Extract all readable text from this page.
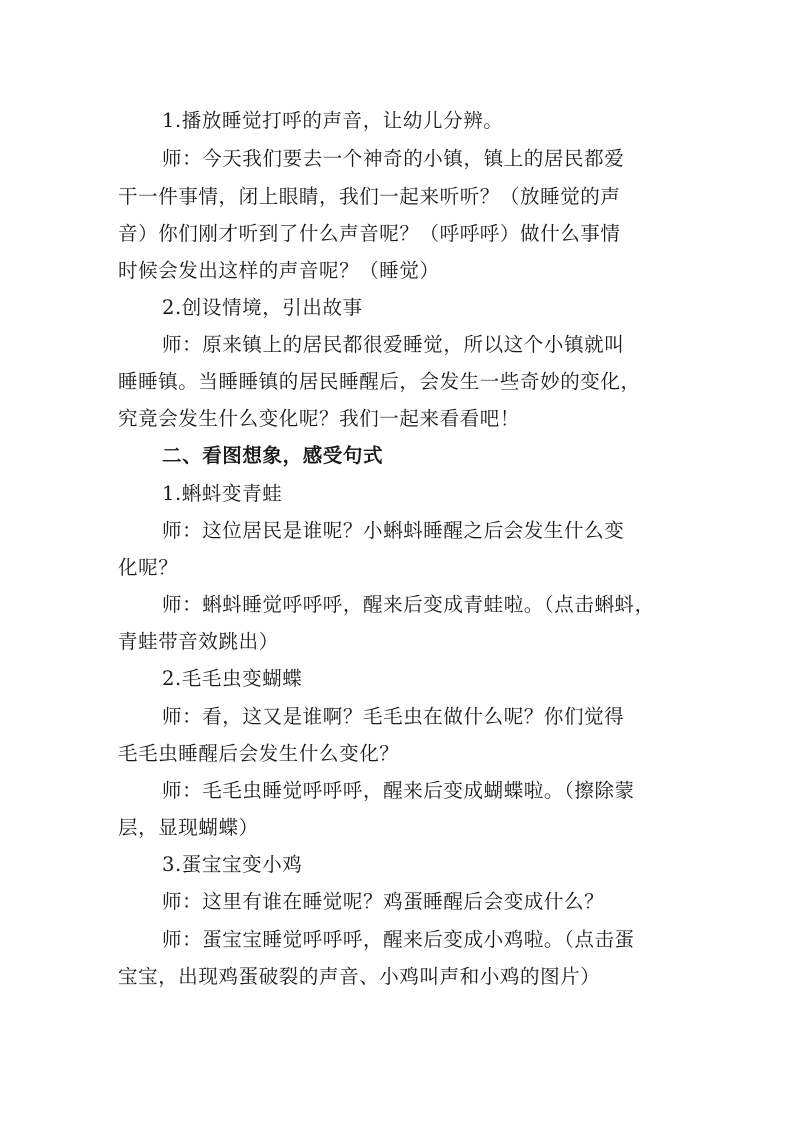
1.播放睡觉打呼的声音，让幼儿分辨。
师：今天我们要去一个神奇的小镇，镇上的居民都爱
干一件事情，闭上眼睛，我们一起来听听？（放睡觉的声
音）你们刚才听到了什么声音呢？（呼呼呼）做什么事情
时候会发出这样的声音呢？（睡觉）
2.创设情境，引出故事
师：原来镇上的居民都很爱睡觉，所以这个小镇就叫
睡睡镇。当睡睡镇的居民睡醒后，会发生一些奇妙的变化，
究竟会发生什么变化呢？我们一起来看看吧！
二、看图想象，感受句式
1.蝌蚪变青蛙
师：这位居民是谁呢？小蝌蚪睡醒之后会发生什么变
化呢？
师：蝌蚪睡觉呼呼呼，醒来后变成青蛙啦。（点击蝌蚪，
青蛙带音效跳出）
2.毛毛虫变蝴蝶
师：看，这又是谁啊？毛毛虫在做什么呢？你们觉得
毛毛虫睡醒后会发生什么变化？
师：毛毛虫睡觉呼呼呼，醒来后变成蝴蝶啦。（擦除蒙
层，显现蝴蝶）
3.蛋宝宝变小鸡
师：这里有谁在睡觉呢？鸡蛋睡醒后会变成什么？
师：蛋宝宝睡觉呼呼呼，醒来后变成小鸡啦。（点击蛋
宝宝，出现鸡蛋破裂的声音、小鸡叫声和小鸡的图片）
